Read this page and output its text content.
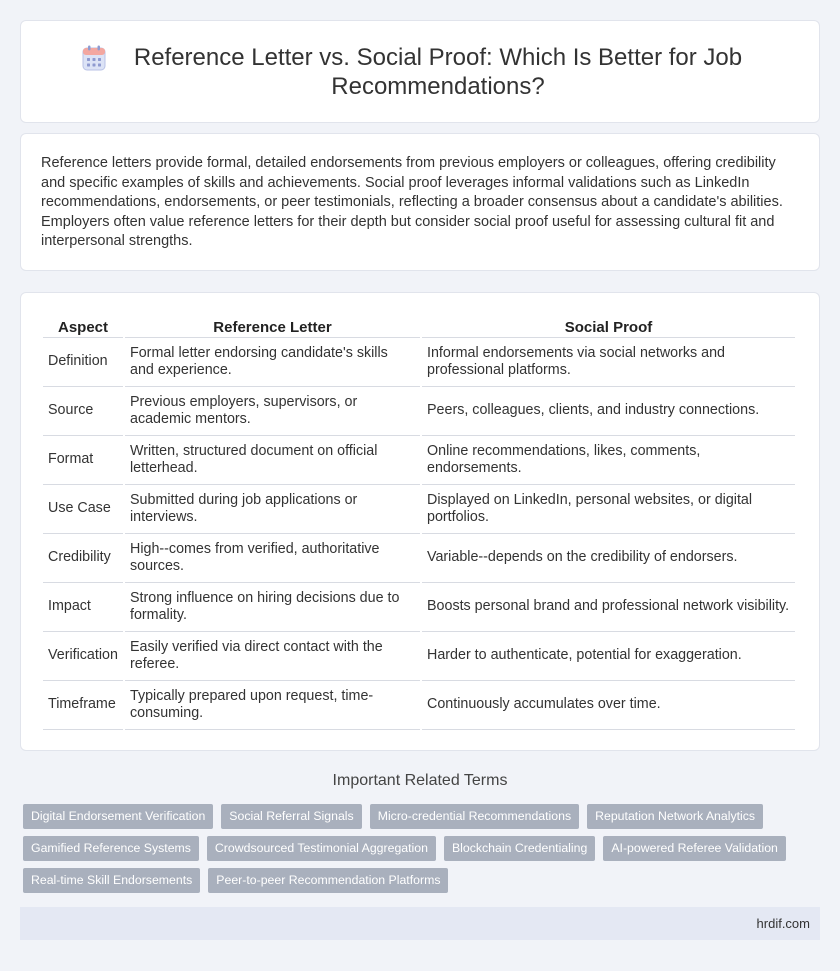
Reference Letter vs. Social Proof: Which Is Better for Job Recommendations?

Reference letters provide formal, detailed endorsements from previous employers or colleagues, offering credibility and specific examples of skills and achievements. Social proof leverages informal validations such as LinkedIn recommendations, endorsements, or peer testimonials, reflecting a broader consensus about a candidate's abilities. Employers often value reference letters for their depth but consider social proof useful for assessing cultural fit and interpersonal strengths.

Aspect	Reference Letter	Social Proof
Definition	Formal letter endorsing candidate's skills and experience.	Informal endorsements via social networks and professional platforms.
Source	Previous employers, supervisors, or academic mentors.	Peers, colleagues, clients, and industry connections.
Format	Written, structured document on official letterhead.	Online recommendations, likes, comments, endorsements.
Use Case	Submitted during job applications or interviews.	Displayed on LinkedIn, personal websites, or digital portfolios.
Credibility	High--comes from verified, authoritative sources.	Variable--depends on the credibility of endorsers.
Impact	Strong influence on hiring decisions due to formality.	Boosts personal brand and professional network visibility.
Verification	Easily verified via direct contact with the referee.	Harder to authenticate, potential for exaggeration.
Timeframe	Typically prepared upon request, time-consuming.	Continuously accumulates over time.
Important Related Terms
Digital Endorsement Verification	Social Referral Signals	Micro-credential Recommendations	Reputation Network Analytics
Gamified Reference Systems	Crowdsourced Testimonial Aggregation	Blockchain Credentialing	AI-powered Referee Validation
Real-time Skill Endorsements	Peer-to-peer Recommendation Platforms
hrdif.com
